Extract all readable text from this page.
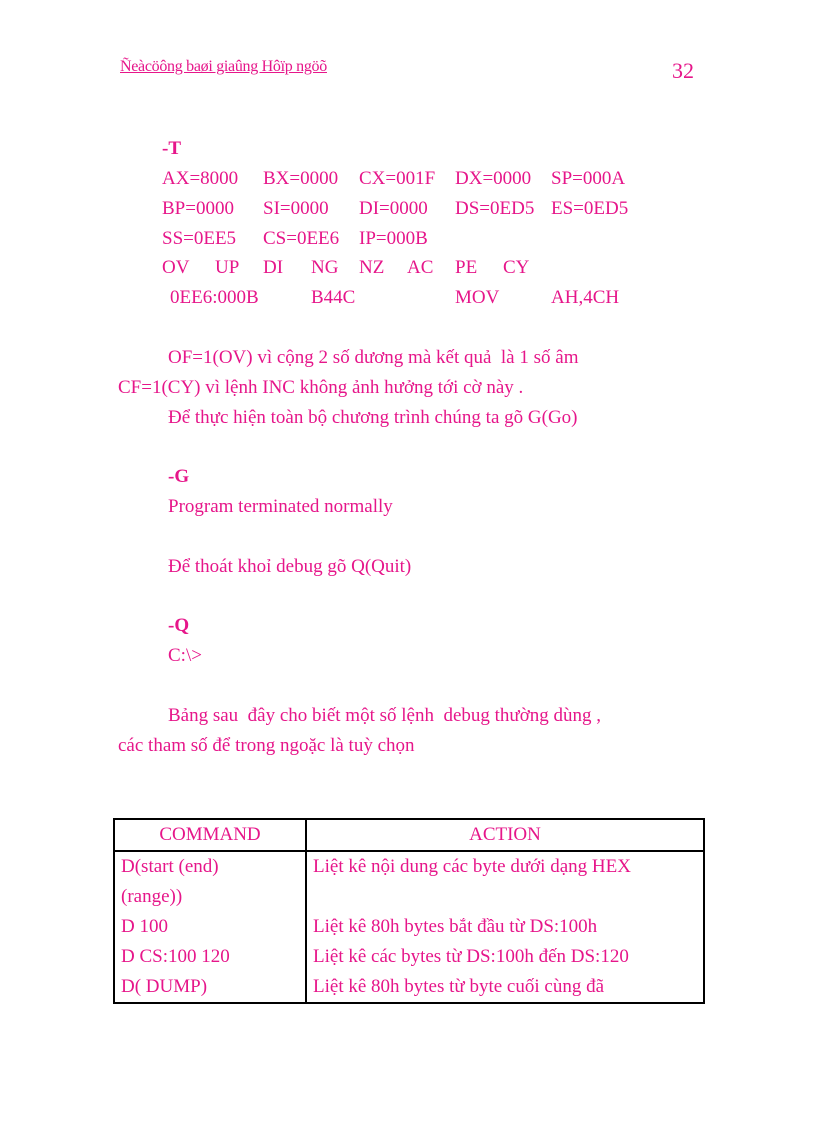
Ñeàcöông baøi giaûng Hôïp ngöõ	32
-T
AX=8000 BX=0000 CX=001F DX=0000 SP=000A
BP=0000 SI=0000 DI=0000 DS=0ED5 ES=0ED5
SS=0EE5 CS=0EE6 IP=000B
OV UP DI NG NZ AC PE CY
0EE6:000B	B44C	MOV	AH,4CH
OF=1(OV) vì cộng 2 số dương mà kết quả  là 1 số âm
CF=1(CY) vì lệnh INC không ảnh hưởng tới cờ này .
Để thực hiện toàn bộ chương trình chúng ta gõ G(Go)
-G
Program terminated normally
Để thoát khoỉ debug gõ Q(Quit)
-Q
C:\>
Bảng sau  đây cho biết một số lệnh  debug thường dùng ,
các tham số để trong ngoặc là tuỳ chọn
COMMAND	ACTION
D(start (end)	Liệt kê nội dung các byte dưới dạng HEX
(range))	
D 100	Liệt kê 80h bytes bắt đầu từ DS:100h
D CS:100 120	Liệt kê các bytes từ DS:100h đến DS:120
D( DUMP)	Liệt kê 80h bytes từ byte cuối cùng đã
